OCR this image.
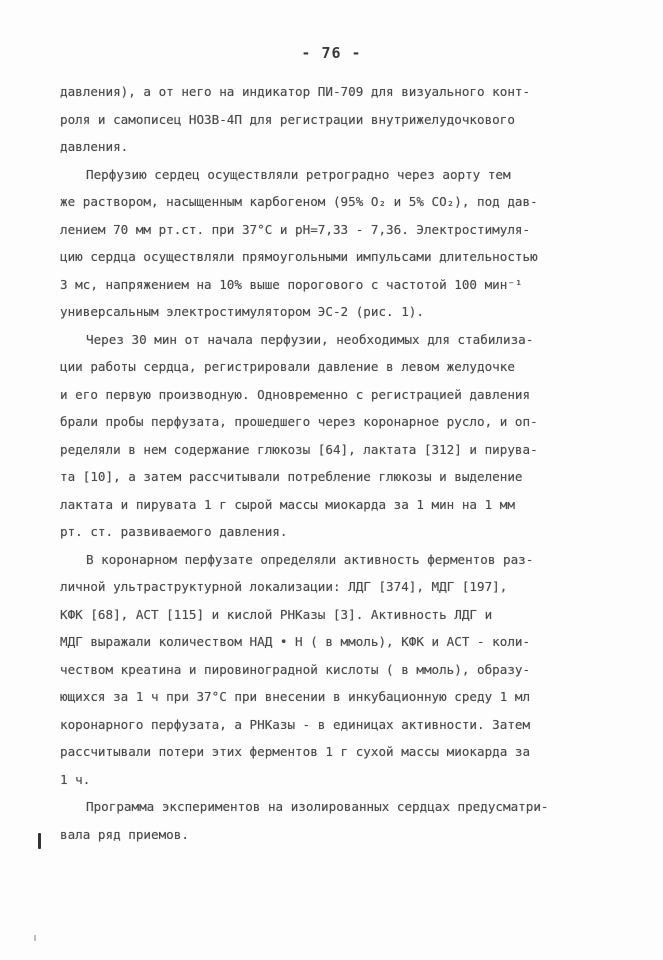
- 76 -
давления), а от него на индикатор ПИ-709 для визуального конт-
роля и самописец НОЗВ-4П для регистрации внутрижелудочкового
давления.
Перфузию сердец осуществляли ретроградно через аорту тем
же раствором, насыщенным карбогеном (95% O₂ и 5% CO₂), под дав-
лением 70 мм рт.ст. при 37°С и рН=7,33 - 7,36. Электростимуля-
цию сердца осуществляли прямоугольными импульсами длительностью
3 мс, напряжением на 10% выше порогового с частотой 100 мин⁻¹
универсальным электростимулятором ЭС-2 (рис. 1).
Через 30 мин от начала перфузии, необходимых для стабилиза-
ции работы сердца, регистрировали давление в левом желудочке
и его первую производную. Одновременно с регистрацией давления
брали пробы перфузата, прошедшего через коронарное русло, и оп-
ределяли в нем содержание глюкозы [64], лактата [312] и пирува-
та [10], а затем рассчитывали потребление глюкозы и выделение
лактата и пирувата 1 г сырой массы миокарда за 1 мин на 1 мм
рт. ст. развиваемого давления.
В коронарном перфузате определяли активность ферментов раз-
личной ультраструктурной локализации: ЛДГ [374], МДГ [197],
КФК [68], АСТ [115] и кислой РНКазы [3]. Активность ЛДГ и
МДГ выражали количеством НАД • Н ( в ммоль), КФК и АСТ - коли-
чеством креатина и пировиноградной кислоты ( в ммоль), образу-
ющихся за 1 ч при 37°С при внесении в инкубационную среду 1 мл
коронарного перфузата, а РНКазы - в единицах активности. Затем
рассчитывали потери этих ферментов 1 г сухой массы миокарда за
1 ч.
Программа экспериментов на изолированных сердцах предусматри-
вала ряд приемов.
